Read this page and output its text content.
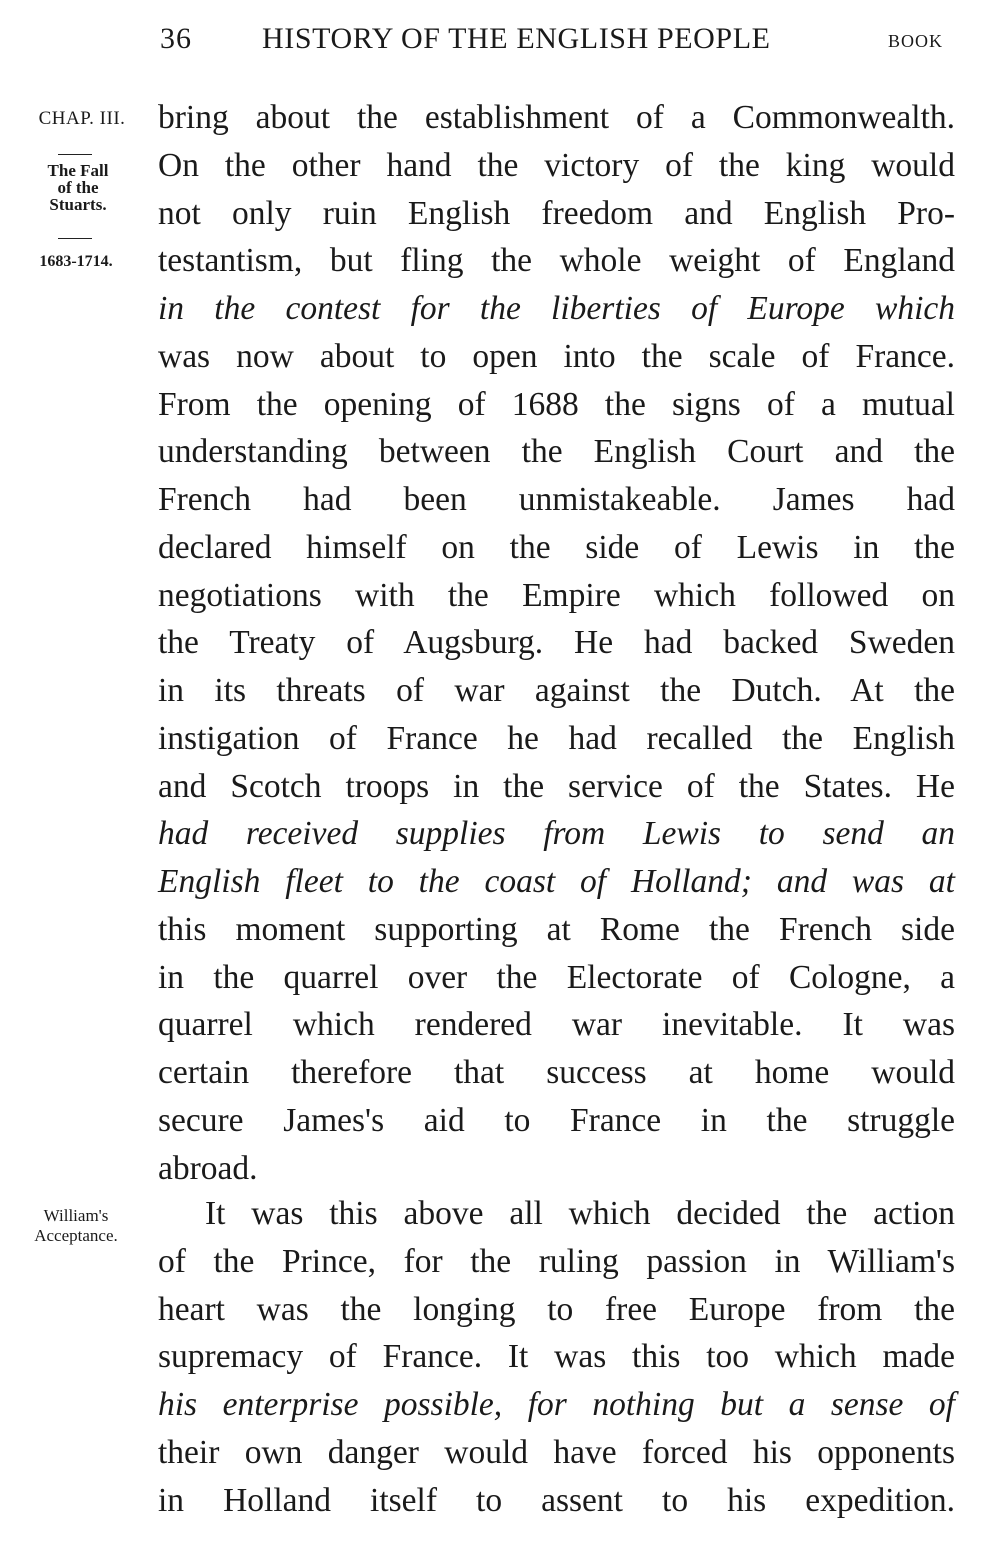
36 HISTORY OF THE ENGLISH PEOPLE	BOOK
CHAP. III.
The Fall
of the
Stuarts.
1683-1714.
William's
Acceptance.
bring about the establishment of a Commonwealth.
On the other hand the victory of the king would
not only ruin English freedom and English Pro-
testantism, but fling the whole weight of England
in the contest for the liberties of Europe which
was now about to open into the scale of France.
From the opening of 1688 the signs of a mutual
understanding between the English Court and the
French had been unmistakeable. James had
declared himself on the side of Lewis in the
negotiations with the Empire which followed on
the Treaty of Augsburg. He had backed Sweden
in its threats of war against the Dutch. At the
instigation of France he had recalled the English
and Scotch troops in the service of the States. He
had received supplies from Lewis to send an
English fleet to the coast of Holland; and was at
this moment supporting at Rome the French side
in the quarrel over the Electorate of Cologne, a
quarrel which rendered war inevitable. It was
certain therefore that success at home would
secure James's aid to France in the struggle
abroad.
It was this above all which decided the action
of the Prince, for the ruling passion in William's
heart was the longing to free Europe from the
supremacy of France. It was this too which made
his enterprise possible, for nothing but a sense of
their own danger would have forced his opponents
in Holland itself to assent to his expedition.
